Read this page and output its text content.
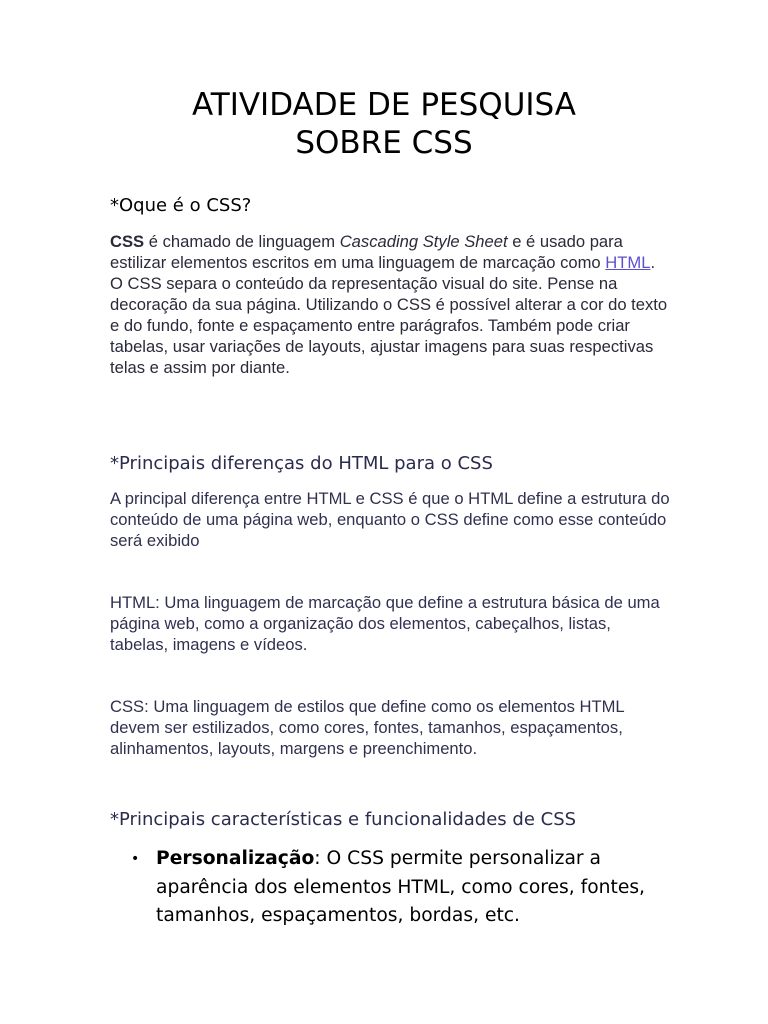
ATIVIDADE DE PESQUISA
SOBRE CSS
*Oque é o CSS?

CSS é chamado de linguagem Cascading Style Sheet e é usado para estilizar elementos escritos em uma linguagem de marcação como HTML. O CSS separa o conteúdo da representação visual do site. Pense na decoração da sua página. Utilizando o CSS é possível alterar a cor do texto e do fundo, fonte e espaçamento entre parágrafos. Também pode criar tabelas, usar variações de layouts, ajustar imagens para suas respectivas telas e assim por diante.

*Principais diferenças do HTML para o CSS

A principal diferença entre HTML e CSS é que o HTML define a estrutura do conteúdo de uma página web, enquanto o CSS define como esse conteúdo será exibido

HTML: Uma linguagem de marcação que define a estrutura básica de uma página web, como a organização dos elementos, cabeçalhos, listas, tabelas, imagens e vídeos.

CSS: Uma linguagem de estilos que define como os elementos HTML devem ser estilizados, como cores, fontes, tamanhos, espaçamentos, alinhamentos, layouts, margens e preenchimento.

*Principais características e funcionalidades de CSS
• Personalização: O CSS permite personalizar a aparência dos elementos HTML, como cores, fontes, tamanhos, espaçamentos, bordas, etc.
